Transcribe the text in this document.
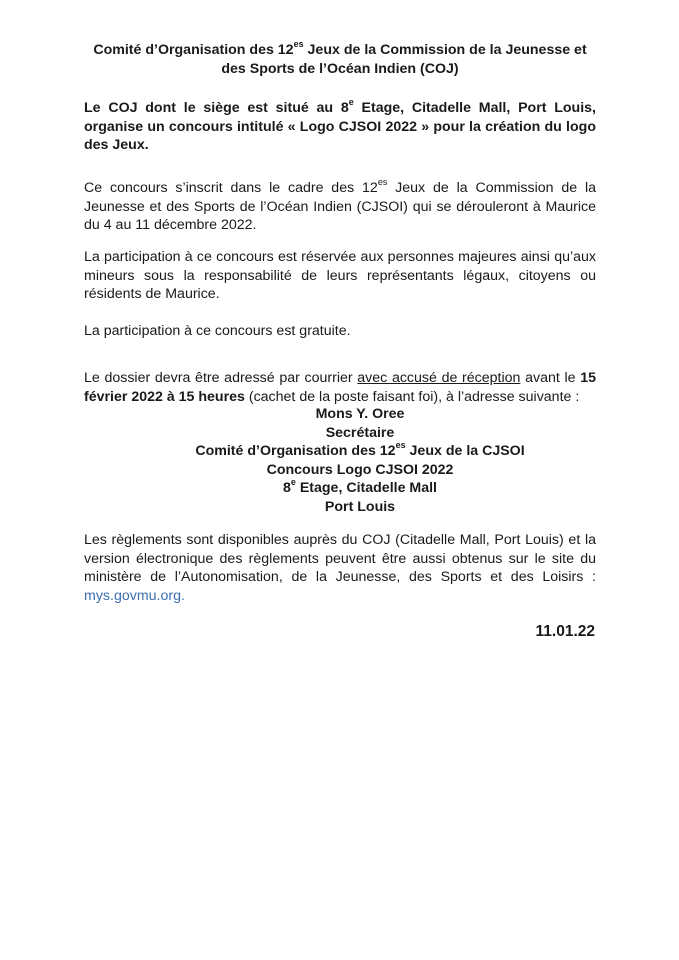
Comité d’Organisation des $12^{es}$ Jeux de la Commission de la Jeunesse et
des Sports de l’Océan Indien (COJ)
Le COJ dont le siège est situé au 8e Etage, Citadelle Mall, Port Louis, organise un concours intitulé « Logo CJSOI 2022 » pour la création du logo des Jeux.
Ce concours s’inscrit dans le cadre des $12^{es}$ Jeux de la Commission de la Jeunesse et des Sports de l’Océan Indien (CJSOI) qui se dérouleront à Maurice du 4 au 11 décembre 2022.
La participation à ce concours est réservée aux personnes majeures ainsi qu’aux mineurs sous la responsabilité de leurs représentants légaux, citoyens ou résidents de Maurice.
La participation à ce concours est gratuite.
Le dossier devra être adressé par courrier avec accusé de réception avant le 15 février 2022 à 15 heures (cachet de la poste faisant foi), à l’adresse suivante :
Mons Y. Oree
Secrétaire
Comité d’Organisation des $12^{es}$ Jeux de la CJSOI
Concours Logo CJSOI 2022
8e Etage, Citadelle Mall
Port Louis
Les règlements sont disponibles auprès du COJ (Citadelle Mall, Port Louis) et la version électronique des règlements peuvent être aussi obtenus sur le site du ministère de l’Autonomisation, de la Jeunesse, des Sports et des Loisirs : mys.govmu.org.
11.01.22
